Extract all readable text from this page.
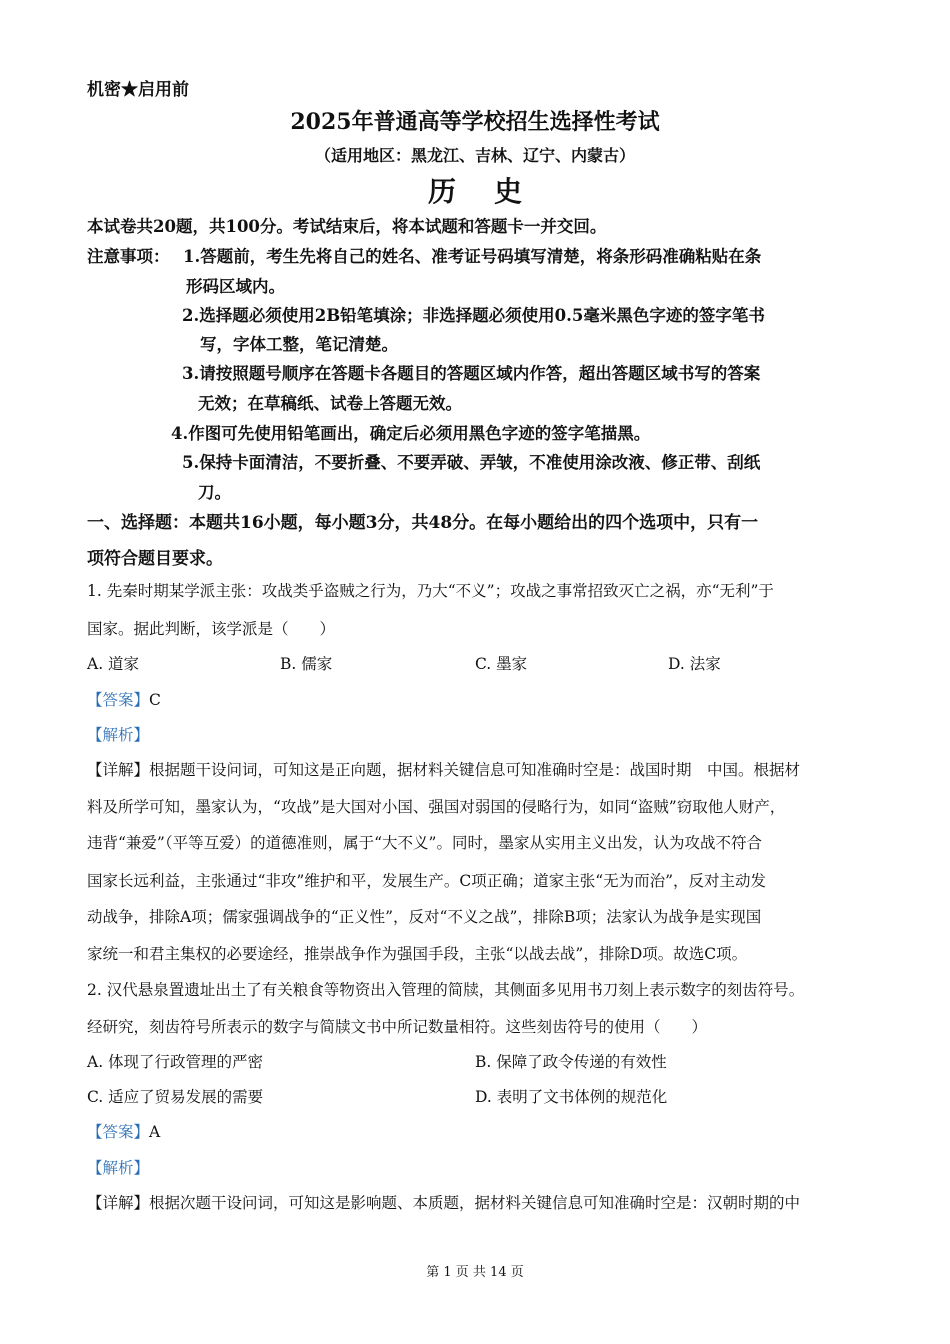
机密★启用前
2025年普通高等学校招生选择性考试
（适用地区：黑龙江、吉林、辽宁、内蒙古）
历史
本试卷共20题，共100分。考试结束后，将本试题和答题卡一并交回。
注意事项： 1.答题前，考生先将自己的姓名、准考证号码填写清楚，将条形码准确粘贴在条
形码区域内。
2.选择题必须使用2B铅笔填涂；非选择题必须使用0.5毫米黑色字迹的签字笔书
写，字体工整，笔记清楚。
3.请按照题号顺序在答题卡各题目的答题区域内作答，超出答题区域书写的答案
无效；在草稿纸、试卷上答题无效。
4.作图可先使用铅笔画出，确定后必须用黑色字迹的签字笔描黑。
5.保持卡面清洁，不要折叠、不要弄破、弄皱，不准使用涂改液、修正带、刮纸
刀。
一、选择题：本题共16小题，每小题3分，共48分。在每小题给出的四个选项中，只有一
项符合题目要求。
1. 先秦时期某学派主张：攻战类乎盗贼之行为，乃大“不义”；攻战之事常招致灭亡之祸，亦“无利”于
国家。据此判断，该学派是（　　）
A. 道家	B. 儒家	C. 墨家	D. 法家
【答案】C
【解析】
【详解】根据题干设问词，可知这是正向题，据材料关键信息可知准确时空是：战国时期　中国。根据材
料及所学可知，墨家认为，“攻战”是大国对小国、强国对弱国的侵略行为，如同“盗贼”窃取他人财产，
违背“兼爱”（平等互爱）的道德准则，属于“大不义”。同时，墨家从实用主义出发，认为攻战不符合
国家长远利益，主张通过“非攻”维护和平，发展生产。C项正确；道家主张“无为而治”，反对主动发
动战争，排除A项；儒家强调战争的“正义性”，反对“不义之战”，排除B项；法家认为战争是实现国
家统一和君主集权的必要途经，推崇战争作为强国手段，主张“以战去战”，排除D项。故选C项。
2. 汉代悬泉置遗址出土了有关粮食等物资出入管理的简牍，其侧面多见用书刀刻上表示数字的刻齿符号。
经研究，刻齿符号所表示的数字与简牍文书中所记数量相符。这些刻齿符号的使用（　　）
A. 体现了行政管理的严密	B. 保障了政令传递的有效性
C. 适应了贸易发展的需要	D. 表明了文书体例的规范化
【答案】A
【解析】
【详解】根据次题干设问词，可知这是影响题、本质题，据材料关键信息可知准确时空是：汉朝时期的中
第 1 页 共 14 页
